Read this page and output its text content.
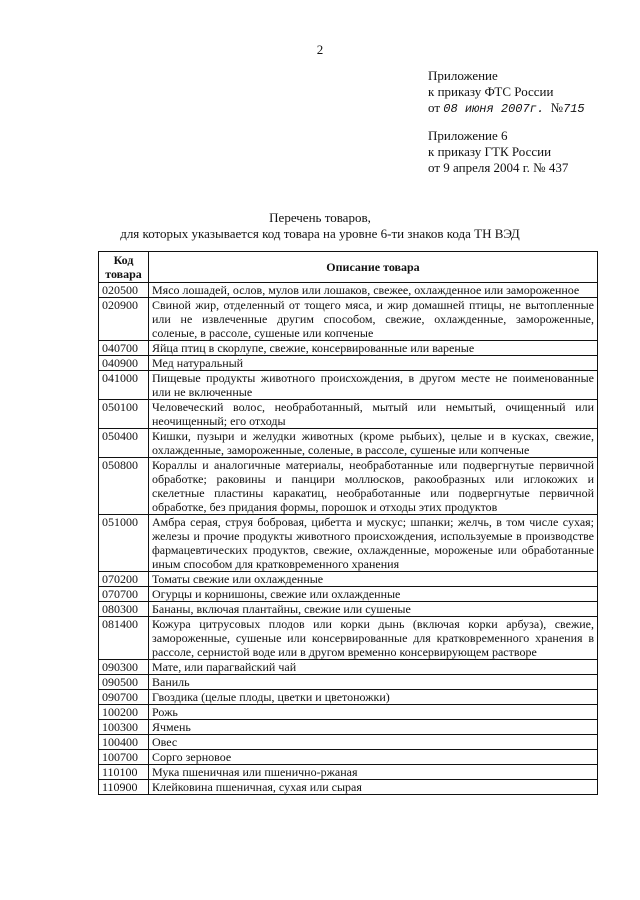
2
Приложение
к приказу ФТС России
от 08 июня 2007г.  №715
Приложение 6
к приказу ГТК России
от 9 апреля 2004 г. № 437
Перечень товаров,
для которых указывается код товара на уровне 6-ти знаков кода ТН ВЭД
Код товара	Описание товара
020500	Мясо лошадей, ослов, мулов или лошаков, свежее, охлажденное или замороженное
020900	Свиной жир, отделенный от тощего мяса, и жир домашней птицы, не вытопленные или не извлеченные другим способом, свежие, охлажденные, замороженные, соленые, в рассоле, сушеные или копченые
040700	Яйца птиц в скорлупе, свежие, консервированные или вареные
040900	Мед натуральный
041000	Пищевые продукты животного происхождения, в другом месте не поименованные или не включенные
050100	Человеческий волос, необработанный, мытый или немытый, очищенный или неочищенный; его отходы
050400	Кишки, пузыри и желудки животных (кроме рыбьих), целые и в кусках, свежие, охлажденные, замороженные, соленые, в рассоле, сушеные или копченые
050800	Кораллы и аналогичные материалы, необработанные или подвергнутые первичной обработке; раковины и панцири моллюсков, ракообразных или иглокожих и скелетные пластины каракатиц, необработанные или подвергнутые первичной обработке, без придания формы, порошок и отходы этих продуктов
051000	Амбра серая, струя бобровая, цибетта и мускус; шпанки; желчь, в том числе сухая; железы и прочие продукты животного происхождения, используемые в производстве фармацевтических продуктов, свежие, охлажденные, мороженые или обработанные иным способом для кратковременного хранения
070200	Томаты свежие или охлажденные
070700	Огурцы и корнишоны, свежие или охлажденные
080300	Бананы, включая плантайны, свежие или сушеные
081400	Кожура цитрусовых плодов или корки дынь (включая корки арбуза), свежие, замороженные, сушеные или консервированные для кратковременного хранения в рассоле, сернистой воде или в другом временно консервирующем растворе
090300	Мате, или парагвайский чай
090500	Ваниль
090700	Гвоздика (целые плоды, цветки и цветоножки)
100200	Рожь
100300	Ячмень
100400	Овес
100700	Сорго зерновое
110100	Мука пшеничная или пшенично-ржаная
110900	Клейковина пшеничная, сухая или сырая
